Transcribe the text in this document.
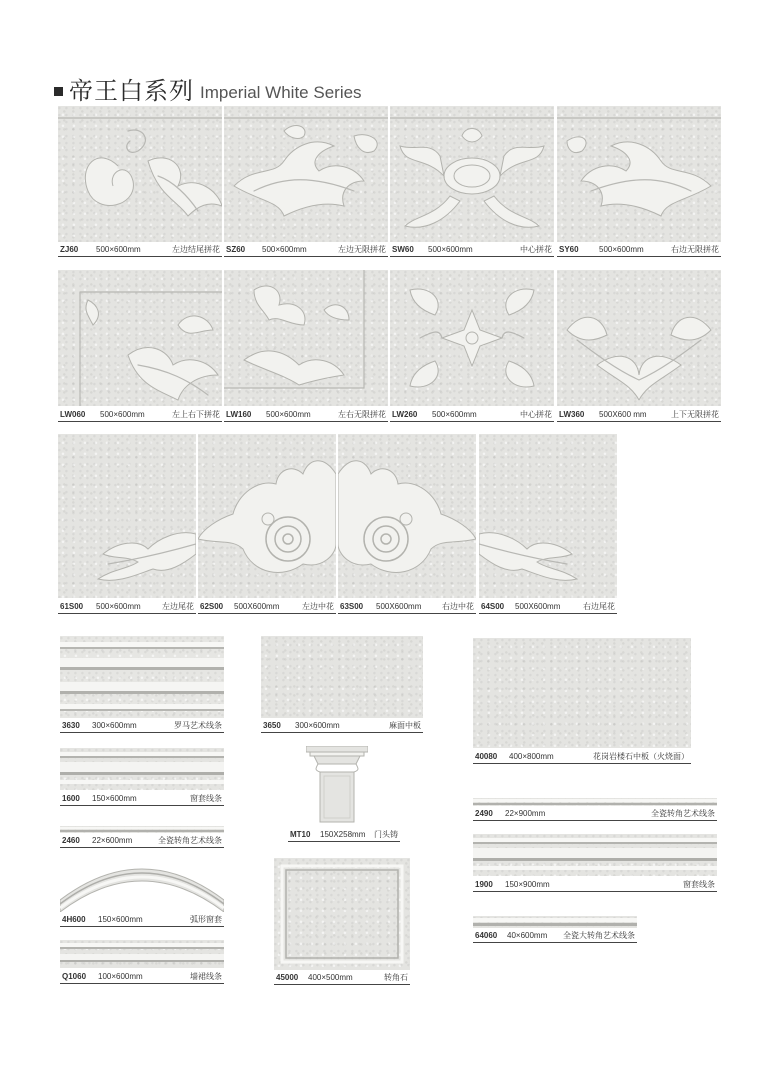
帝王白系列 Imperial White Series
ZJ60 500×600mm	左边结尾拼花 SZ60 500×600mm	左边无限拼花 SW60 500×600mm	中心拼花 SY60	500×600mm	右边无限拼花
LW060 500×600mm	左上右下拼花 LW160 500×600mm	左右无限拼花 LW260 500×600mm	中心拼花 LW360 500X600 mm	上下无限拼花
61S00 500×600mm	左边尾花 62S00 500X600mm	左边中花 63S00 500X600mm	右边中花 64S00 500X600mm	右边尾花
3630 300×600mm	罗马艺术线条	3650 300×600mm	麻面中板
40080 400×800mm	花岗岩楼石中板（火烧面）
1600 150×600mm	窗套线条
MT10 150X258mm 门头铸
2490 22×900mm	全瓷转角艺术线条
2460 22×600mm	全瓷转角艺术线条
1900 150×900mm	窗套线条
4H600 150×600mm	弧形窗套
45000 400×500mm	转角石
64060 40×600mm 全瓷大转角艺术线条
Q1060 100×600mm	墙裙线条
